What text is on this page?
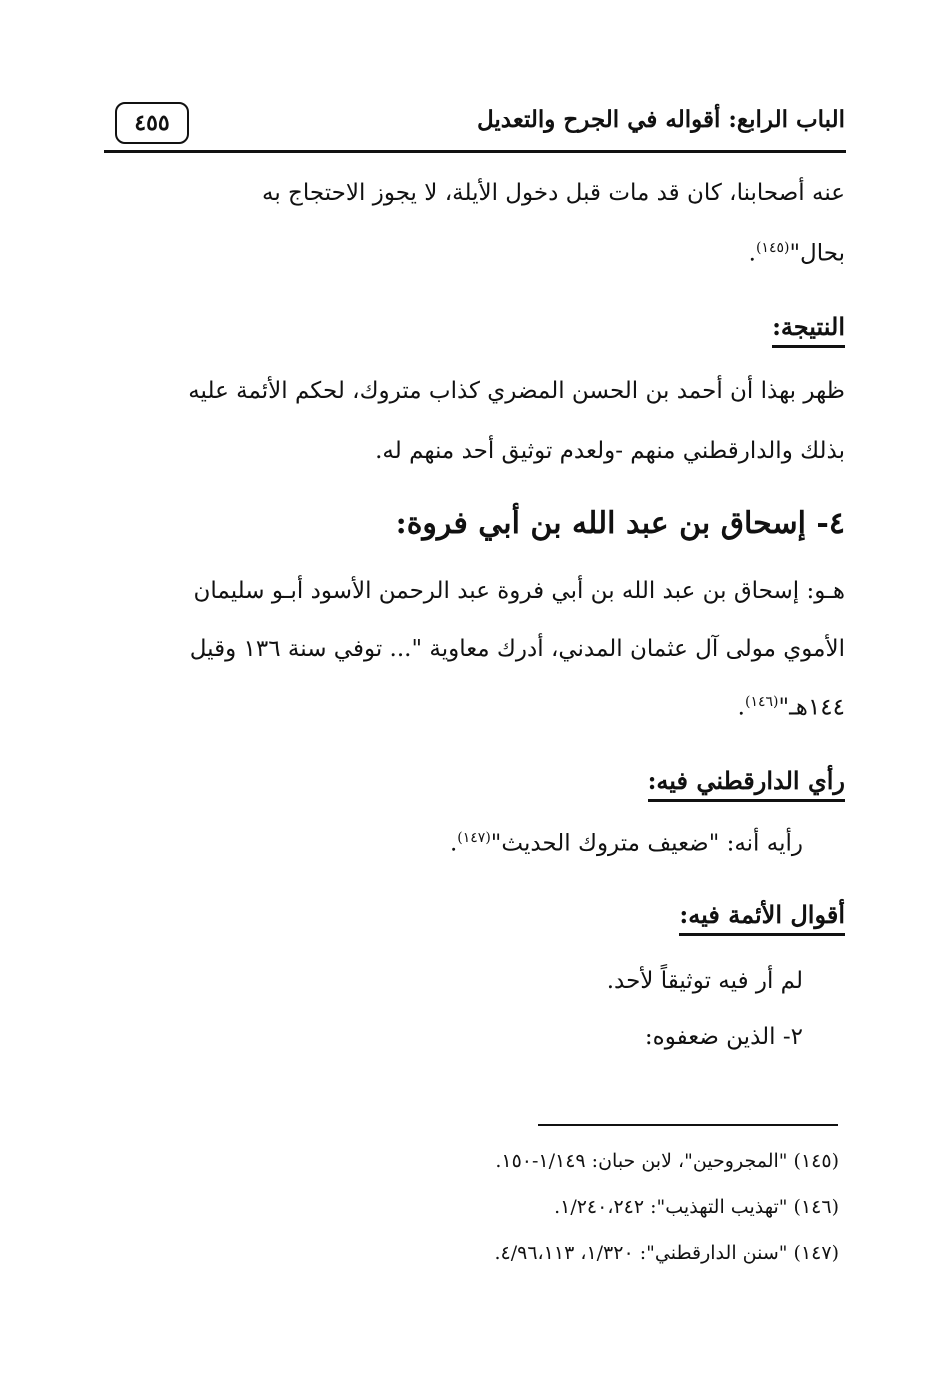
٤٥٥	الباب الرابع: أقواله في الجرح والتعديل
عنه أصحابنا، كان قد مات قبل دخول الأيلة، لا يجوز الاحتجاج به
بحال"$^{(١٤٥)}$.
النتيجة:
ظهر بهذا أن أحمد بن الحسن المضري كذاب متروك، لحكم الأئمة عليه
بذلك والدارقطني منهم -ولعدم توثيق أحد منهم له.
٤- إسحاق بن عبد الله بن أبي فروة:
هـو: إسحاق بن عبد الله بن أبي فروة عبد الرحمن الأسود أبـو سليمان
الأموي مولى آل عثمان المدني، أدرك معاوية "... توفي سنة ١٣٦ وقيل
١٤٤هـ"$^{(١٤٦)}$.
رأي الدارقطني فيه:
رأيه أنه: "ضعيف متروك الحديث"$^{(١٤٧)}$.
أقوال الأئمة فيه:
لم أر فيه توثيقاً لأحد.
٢- الذين ضعفوه:
(١٤٥) "المجروحين"، لابن حبان: ١/١٤٩-١٥٠.
(١٤٦) "تهذيب التهذيب": ١/٢٤٠،٢٤٢.
(١٤٧) "سنن الدارقطني": ١/٣٢٠، ٤/٩٦،١١٣.
